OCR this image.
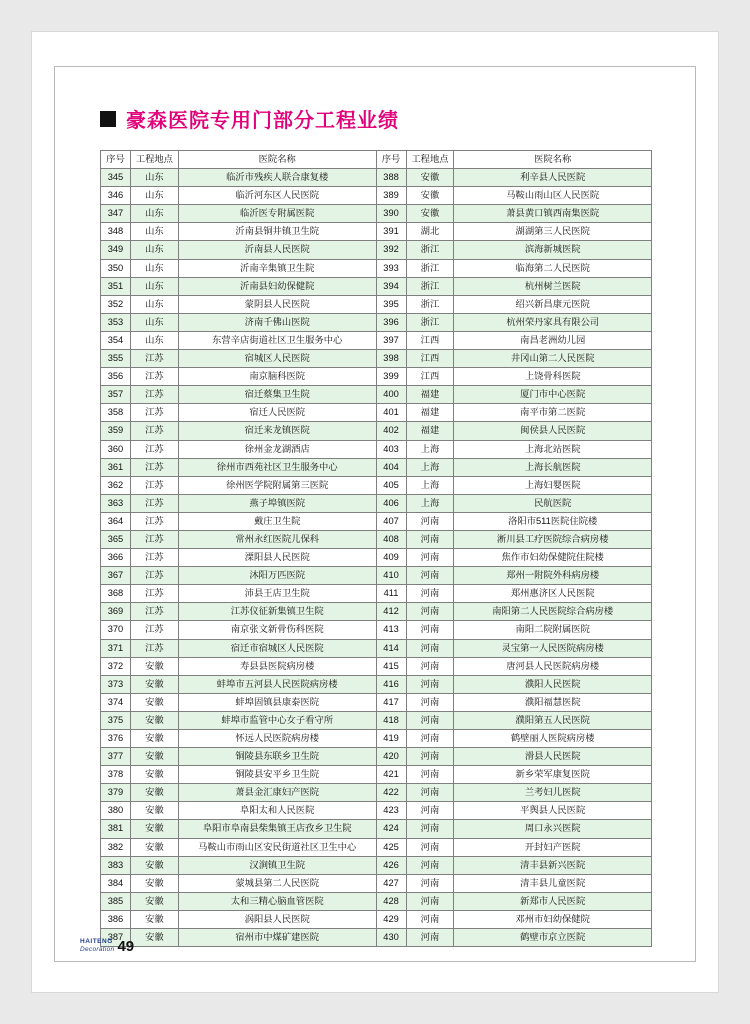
豪森医院专用门部分工程业绩
序号	工程地点	医院名称	序号	工程地点	医院名称
345	山东	临沂市残疾人联合康复楼	388	安徽	利辛县人民医院
346	山东	临沂河东区人民医院	389	安徽	马鞍山雨山区人民医院
347	山东	临沂医专附属医院	390	安徽	萧县黄口镇西南集医院
348	山东	沂南县铜井镇卫生院	391	湖北	湖湖第三人民医院
349	山东	沂南县人民医院	392	浙江	滨海新城医院
350	山东	沂南辛集镇卫生院	393	浙江	临海第二人民医院
351	山东	沂南县妇幼保健院	394	浙江	杭州树兰医院
352	山东	蒙阴县人民医院	395	浙江	绍兴新昌康元医院
353	山东	济南千佛山医院	396	浙江	杭州荣丹家具有限公司
354	山东	东营辛店街道社区卫生服务中心	397	江西	南昌老洲幼儿园
355	江苏	宿城区人民医院	398	江西	井冈山第二人民医院
356	江苏	南京脑科医院	399	江西	上饶骨科医院
357	江苏	宿迁蔡集卫生院	400	福建	厦门市中心医院
358	江苏	宿迁人民医院	401	福建	南平市第二医院
359	江苏	宿迁来龙镇医院	402	福建	闽侯县人民医院
360	江苏	徐州金龙湖酒店	403	上海	上海北站医院
361	江苏	徐州市西苑社区卫生服务中心	404	上海	上海长航医院
362	江苏	徐州医学院附属第三医院	405	上海	上海妇婴医院
363	江苏	燕子埠镇医院	406	上海	民航医院
364	江苏	戴庄卫生院	407	河南	洛阳市511医院住院楼
365	江苏	常州永红医院儿保科	408	河南	淅川县工疗医院综合病房楼
366	江苏	溧阳县人民医院	409	河南	焦作市妇幼保健院住院楼
367	江苏	沐阳万匹医院	410	河南	郑州一附院外科病房楼
368	江苏	沛县王店卫生院	411	河南	郑州惠济区人民医院
369	江苏	江苏仪征新集镇卫生院	412	河南	南阳第二人民医院综合病房楼
370	江苏	南京张文新骨伤科医院	413	河南	南阳二院附属医院
371	江苏	宿迁市宿城区人民医院	414	河南	灵宝第一人民医院病房楼
372	安徽	寿县县医院病房楼	415	河南	唐河县人民医院病房楼
373	安徽	蚌埠市五河县人民医院病房楼	416	河南	濮阳人民医院
374	安徽	蚌埠固镇县康泰医院	417	河南	濮阳福慧医院
375	安徽	蚌埠市监管中心女子看守所	418	河南	濮阳第五人民医院
376	安徽	怀远人民医院病房楼	419	河南	鹤壁丽人医院病房楼
377	安徽	铜陵县东联乡卫生院	420	河南	滑县人民医院
378	安徽	铜陵县安平乡卫生院	421	河南	新乡荣军康复医院
379	安徽	萧县金汇康妇产医院	422	河南	兰考妇儿医院
380	安徽	阜阳太和人民医院	423	河南	平舆县人民医院
381	安徽	阜阳市阜南县柴集镇王店孜乡卫生院	424	河南	周口永兴医院
382	安徽	马鞍山市雨山区安民街道社区卫生中心	425	河南	开封妇产医院
383	安徽	汉涧镇卫生院	426	河南	清丰县新兴医院
384	安徽	蒙城县第二人民医院	427	河南	清丰县儿童医院
385	安徽	太和三精心脑血管医院	428	河南	新郑市人民医院
386	安徽	涡阳县人民医院	429	河南	邓州市妇幼保健院
387	安徽	宿州市中煤矿建医院	430	河南	鹤壁市京立医院
HAITENG
Decoration 49
